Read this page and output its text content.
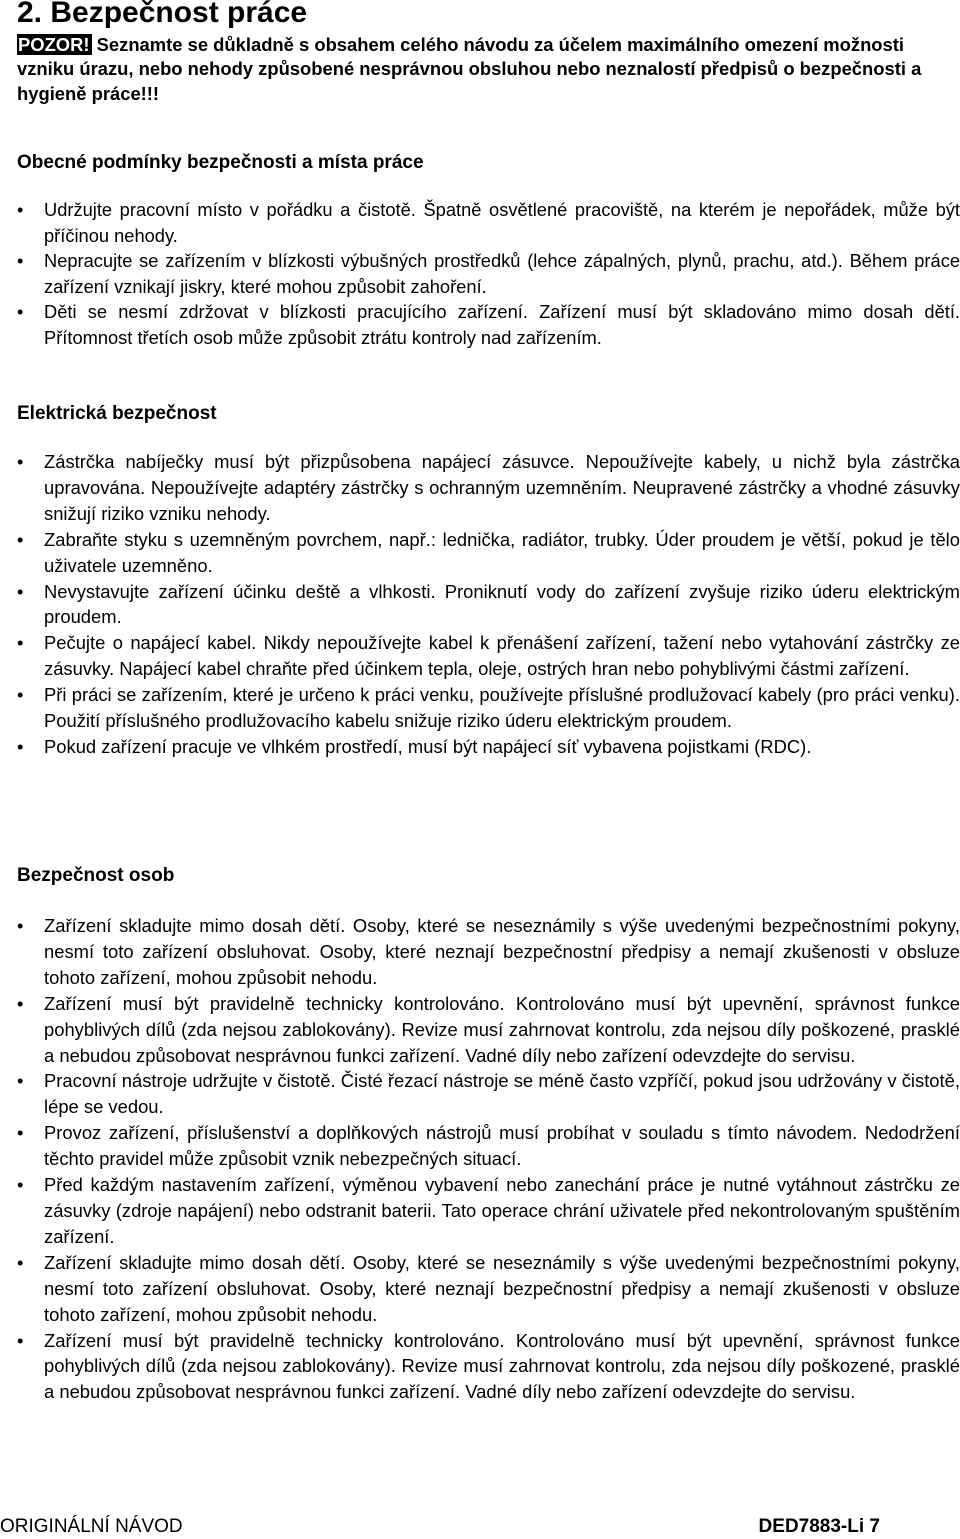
2. Bezpečnost práce
POZOR! Seznamte se důkladně s obsahem celého návodu za účelem maximálního omezení možnosti vzniku úrazu, nebo nehody způsobené nesprávnou obsluhou nebo neznalostí předpisů o bezpečnosti a hygieně práce!!!
Obecné podmínky bezpečnosti a místa práce
• Udržujte pracovní místo v pořádku a čistotě. Špatně osvětlené pracoviště, na kterém je nepořádek, může být příčinou nehody.
• Nepracujte se zařízením v blízkosti výbušných prostředků (lehce zápalných, plynů, prachu, atd.). Během práce zařízení vznikají jiskry, které mohou způsobit zahoření.
• Děti se nesmí zdržovat v blízkosti pracujícího zařízení. Zařízení musí být skladováno mimo dosah dětí. Přítomnost třetích osob může způsobit ztrátu kontroly nad zařízením.
Elektrická bezpečnost
• Zástrčka nabíječky musí být přizpůsobena napájecí zásuvce. Nepoužívejte kabely, u nichž byla zástrčka upravována. Nepoužívejte adaptéry zástrčky s ochranným uzemněním. Neupravené zástrčky a vhodné zásuvky snižují riziko vzniku nehody.
• Zabraňte styku s uzemněným povrchem, např.: lednička, radiátor, trubky. Úder proudem je větší, pokud je tělo uživatele uzemněno.
• Nevystavujte zařízení účinku deště a vlhkosti. Proniknutí vody do zařízení zvyšuje riziko úderu elektrickým proudem.
• Pečujte o napájecí kabel. Nikdy nepoužívejte kabel k přenášení zařízení, tažení nebo vytahování zástrčky ze zásuvky. Napájecí kabel chraňte před účinkem tepla, oleje, ostrých hran nebo pohyblivými částmi zařízení.
• Při práci se zařízením, které je určeno k práci venku, používejte příslušné prodlužovací kabely (pro práci venku). Použití příslušného prodlužovacího kabelu snižuje riziko úderu elektrickým proudem.
• Pokud zařízení pracuje ve vlhkém prostředí, musí být napájecí síť vybavena pojistkami (RDC).
Bezpečnost osob
• Zařízení skladujte mimo dosah dětí. Osoby, které se neseznámily s výše uvedenými bezpečnostními pokyny, nesmí toto zařízení obsluhovat. Osoby, které neznají bezpečnostní předpisy a nemají zkušenosti v obsluze tohoto zařízení, mohou způsobit nehodu.
• Zařízení musí být pravidelně technicky kontrolováno. Kontrolováno musí být upevnění, správnost funkce pohyblivých dílů (zda nejsou zablokovány). Revize musí zahrnovat kontrolu, zda nejsou díly poškozené, prasklé a nebudou způsobovat nesprávnou funkci zařízení. Vadné díly nebo zařízení odevzdejte do servisu.
• Pracovní nástroje udržujte v čistotě. Čisté řezací nástroje se méně často vzpříčí, pokud jsou udržovány v čistotě, lépe se vedou.
• Provoz zařízení, příslušenství a doplňkových nástrojů musí probíhat v souladu s tímto návodem. Nedodržení těchto pravidel může způsobit vznik nebezpečných situací.
• Před každým nastavením zařízení, výměnou vybavení nebo zanechání práce je nutné vytáhnout zástrčku ze zásuvky (zdroje napájení) nebo odstranit baterii. Tato operace chrání uživatele před nekontrolovaným spuštěním zařízení.
• Zařízení skladujte mimo dosah dětí. Osoby, které se neseznámily s výše uvedenými bezpečnostními pokyny, nesmí toto zařízení obsluhovat. Osoby, které neznají bezpečnostní předpisy a nemají zkušenosti v obsluze tohoto zařízení, mohou způsobit nehodu.
• Zařízení musí být pravidelně technicky kontrolováno. Kontrolováno musí být upevnění, správnost funkce pohyblivých dílů (zda nejsou zablokovány). Revize musí zahrnovat kontrolu, zda nejsou díly poškozené, prasklé a nebudou způsobovat nesprávnou funkci zařízení. Vadné díly nebo zařízení odevzdejte do servisu.
ORIGINÁLNÍ NÁVOD	DED7883-Li 7
